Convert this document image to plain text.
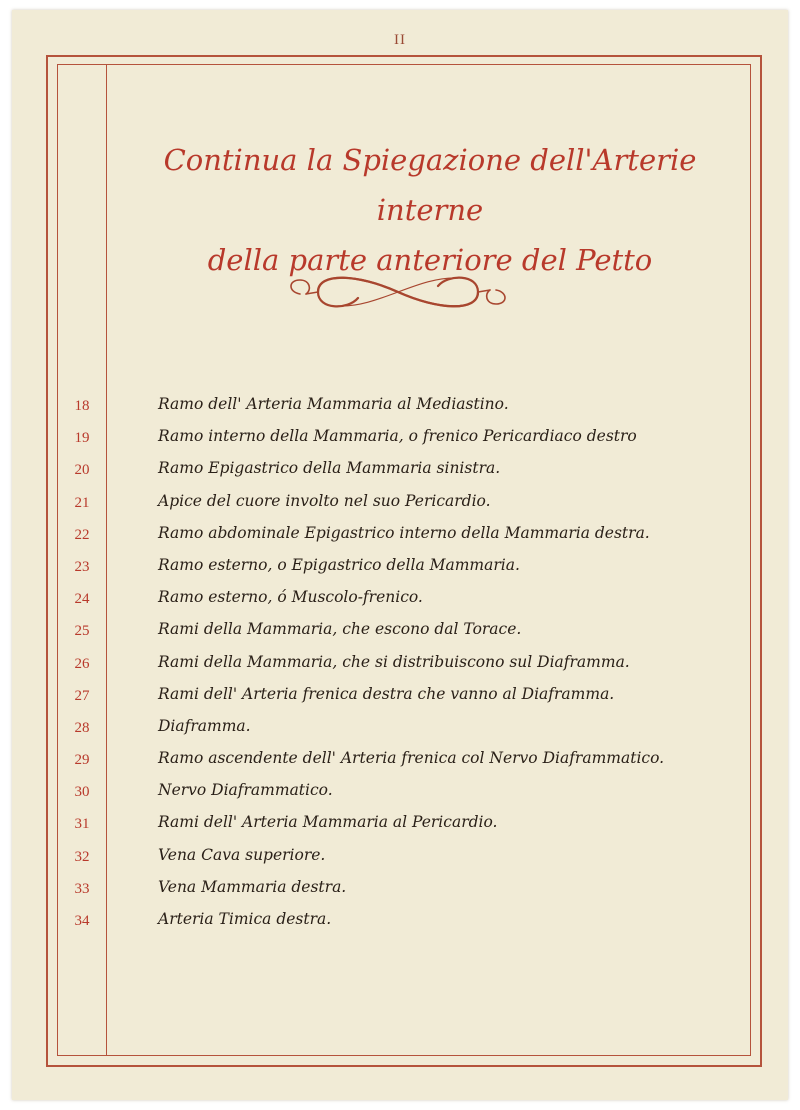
II
Continua la Spiegazione dell'Arterie interne
della parte anteriore del Petto
18	Ramo dell' Arteria Mammaria al Mediastino.
19	Ramo interno della Mammaria, o frenico Pericardiaco destro
20	Ramo Epigastrico della Mammaria sinistra.
21	Apice del cuore involto nel suo Pericardio.
22	Ramo abdominale Epigastrico interno della Mammaria destra.
23	Ramo esterno, o Epigastrico della Mammaria.
24	Ramo esterno, ó Muscolo-frenico.
25	Rami della Mammaria, che escono dal Torace.
26	Rami della Mammaria, che si distribuiscono sul Diaframma.
27	Rami dell' Arteria frenica destra che vanno al Diaframma.
28	Diaframma.
29	Ramo ascendente dell' Arteria frenica col Nervo Diaframmatico.
30	Nervo Diaframmatico.
31	Rami dell' Arteria Mammaria al Pericardio.
32	Vena Cava superiore.
33	Vena Mammaria destra.
34	Arteria Timica destra.
